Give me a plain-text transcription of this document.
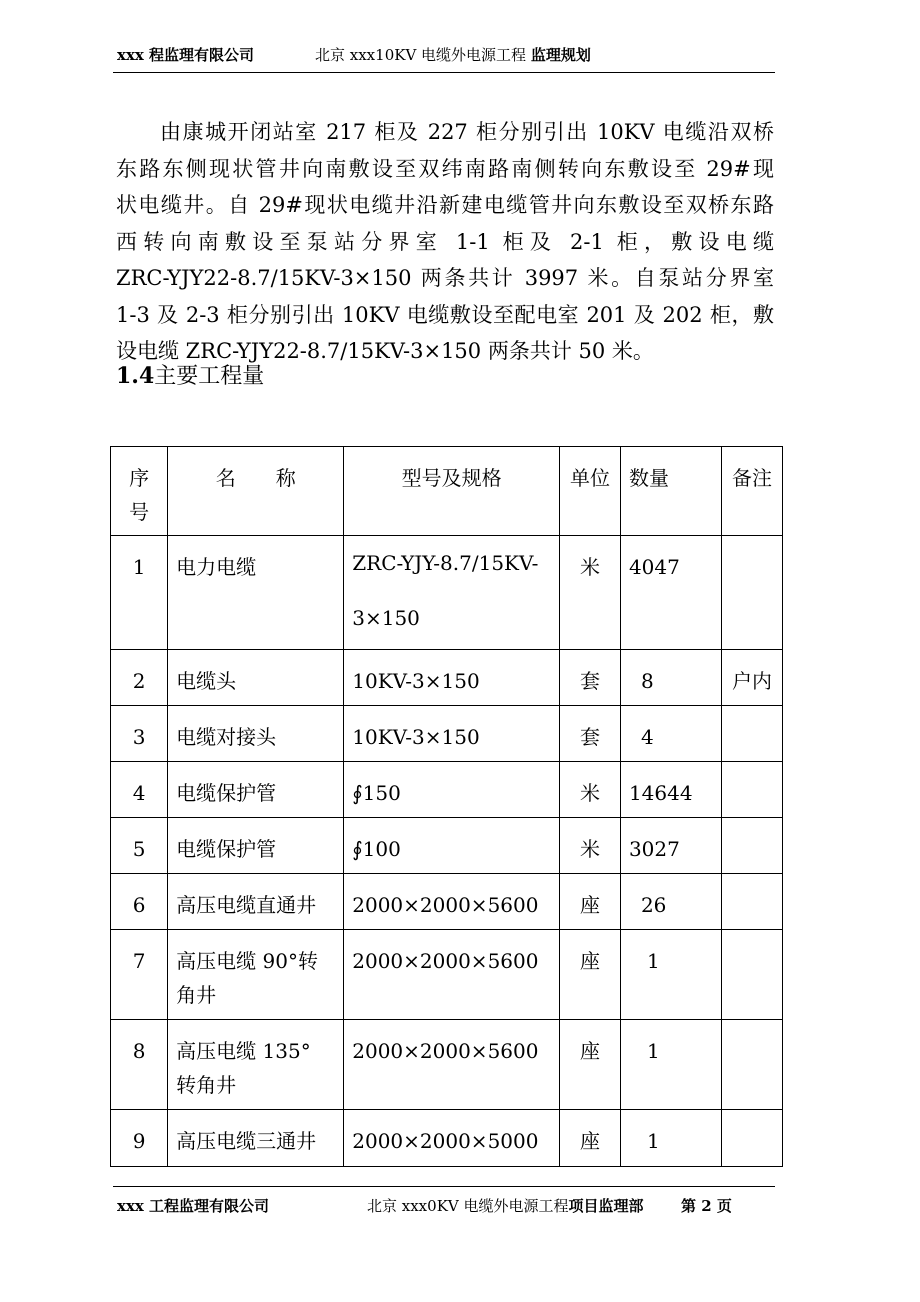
xxx 程监理有限公司	北京 xxx10KV 电缆外电源工程 监理规划
由康城开闭站室 217 柜及 227 柜分别引出 10KV 电缆沿双桥
东路东侧现状管井向南敷设至双纬南路南侧转向东敷设至 29#现
状电缆井。自 29#现状电缆井沿新建电缆管井向东敷设至双桥东路
西转向南敷设至泵站分界室 1-1 柜及 2-1 柜，敷设电缆
ZRC-YJY22-8.7/15KV-3×150 两条共计 3997 米。自泵站分界室
1-3 及 2-3 柜分别引出 10KV 电缆敷设至配电室 201 及 202 柜，敷
设电缆 ZRC-YJY22-8.7/15KV-3×150 两条共计 50 米。
1.4主要工程量
序
号	名　　称	型号及规格	单位	数量	备注
1	电力电缆	ZRC-YJY-8.7/15KV-
3×150	米	4047	
2	电缆头	10KV-3×150	套	8	户内
3	电缆对接头	10KV-3×150	套	4	
4	电缆保护管	∮150	米	14644	
5	电缆保护管	∮100	米	3027	
6	高压电缆直通井	2000×2000×5600	座	26	
7	高压电缆 90°转
角井	2000×2000×5600	座	1	
8	高压电缆 135°
转角井	2000×2000×5600	座	1	
9	高压电缆三通井	2000×2000×5000	座	1	
xxx 工程监理有限公司	北京 xxx0KV 电缆外电源工程项目监理部 第 2 页
